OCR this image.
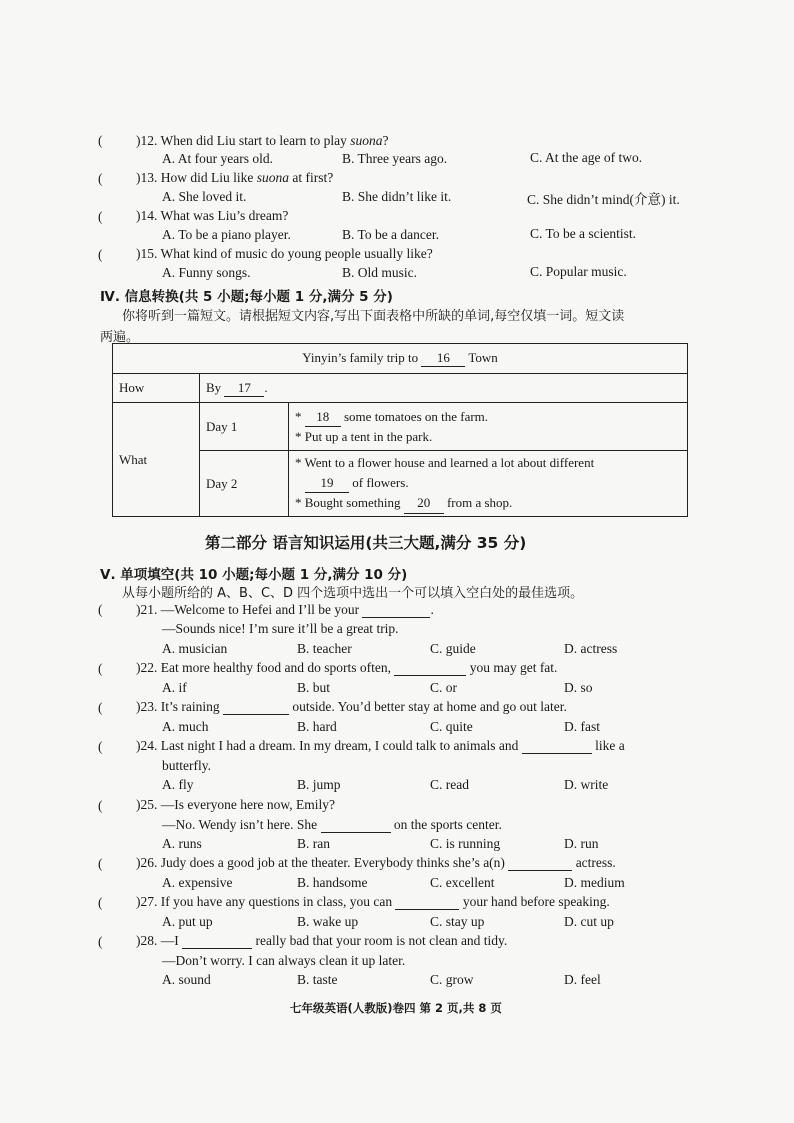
( )12. When did Liu start to learn to play suona?
A. At four years old.	B. Three years ago.	C. At the age of two.
( )13. How did Liu like suona at first?
A. She loved it.	B. She didn’t like it.	C. She didn’t mind(介意) it.
( )14. What was Liu’s dream?
A. To be a piano player.	B. To be a dancer.	C. To be a scientist.
( )15. What kind of music do young people usually like?
A. Funny songs.	B. Old music.	C. Popular music.
Ⅳ. 信息转换(共 5 小题;每小题 1 分,满分 5 分)
你将听到一篇短文。请根据短文内容,写出下面表格中所缺的单词,每空仅填一词。短文读
两遍。
Yinyin’s family trip to 16 Town		
How	By 17 .	
What	Day 1	* 18 some tomatoes on the farm.
* Put up a tent in the park.
	Day 2	* Went to a flower house and learned a lot about different
19 of flowers.
* Bought something 20 from a shop.
第二部分 语言知识运用(共三大题,满分 35 分)
Ⅴ. 单项填空(共 10 小题;每小题 1 分,满分 10 分)
从每小题所给的 A、B、C、D 四个选项中选出一个可以填入空白处的最佳选项。
( )21. —Welcome to Hefei and I’ll be your	.
—Sounds nice! I’m sure it’ll be a great trip.
A. musician	B. teacher	C. guide	D. actress
( )22. Eat more healthy food and do sports often,	you may get fat.
A. if	B. but	C. or	D. so
( )23. It’s raining	outside. You’d better stay at home and go out later.
A. much	B. hard	C. quite	D. fast
( )24. Last night I had a dream. In my dream, I could talk to animals and	like a
butterfly.
A. fly	B. jump	C. read	D. write
( )25. —Is everyone here now, Emily?
—No. Wendy isn’t here. She	on the sports center.
A. runs	B. ran	C. is running	D. run
( )26. Judy does a good job at the theater. Everybody thinks she’s a(n)	actress.
A. expensive	B. handsome	C. excellent	D. medium
( )27. If you have any questions in class, you can	your hand before speaking.
A. put up	B. wake up	C. stay up	D. cut up
( )28. —I	really bad that your room is not clean and tidy.
—Don’t worry. I can always clean it up later.
A. sound	B. taste	C. grow	D. feel
七年级英语(人教版)卷四 第 2 页,共 8 页
